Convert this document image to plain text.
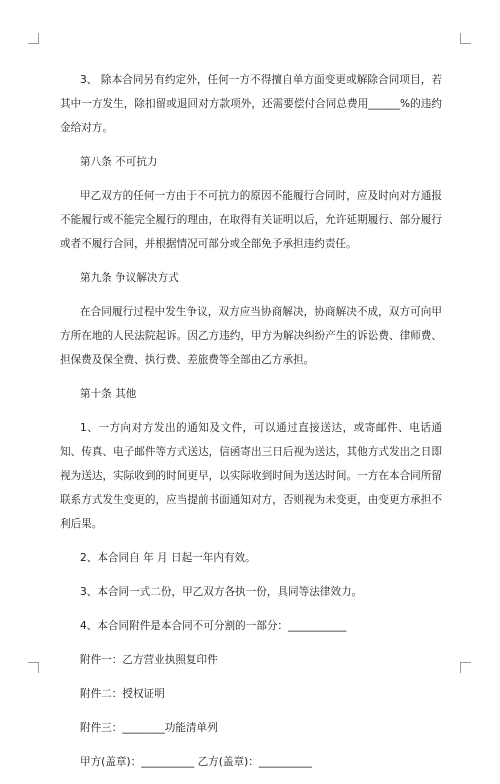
3、 除本合同另有约定外，任何一方不得擅自单方面变更或解除合同项目，若其中一方发生，除扣留或退回对方款项外，还需要偿付合同总费用______%的违约金给对方。

第八条 不可抗力

甲乙双方的任何一方由于不可抗力的原因不能履行合同时，应及时向对方通报不能履行或不能完全履行的理由，在取得有关证明以后，允许延期履行、部分履行或者不履行合同，并根据情况可部分或全部免予承担违约责任。

第九条 争议解决方式

在合同履行过程中发生争议，双方应当协商解决，协商解决不成，双方可向甲方所在地的人民法院起诉。因乙方违约，甲方为解决纠纷产生的诉讼费、律师费、担保费及保全费、执行费、差旅费等全部由乙方承担。

第十条 其他

1、一方向对方发出的通知及文件，可以通过直接送达，或寄邮件、电话通知、传真、电子邮件等方式送达，信函寄出三日后视为送达，其他方式发出之日即视为送达，实际收到的时间更早，以实际收到时间为送达时间。一方在本合同所留联系方式发生变更的，应当提前书面通知对方，否则视为未变更，由变更方承担不利后果。

2、本合同自 年 月 日起一年内有效。

3、本合同一式二份，甲乙双方各执一份，具同等法律效力。

4、本合同附件是本合同不可分割的一部分：___________

附件一：乙方营业执照复印件

附件二：授权证明

附件三：________功能清单列

甲方(盖章)：__________ 乙方(盖章)：__________
